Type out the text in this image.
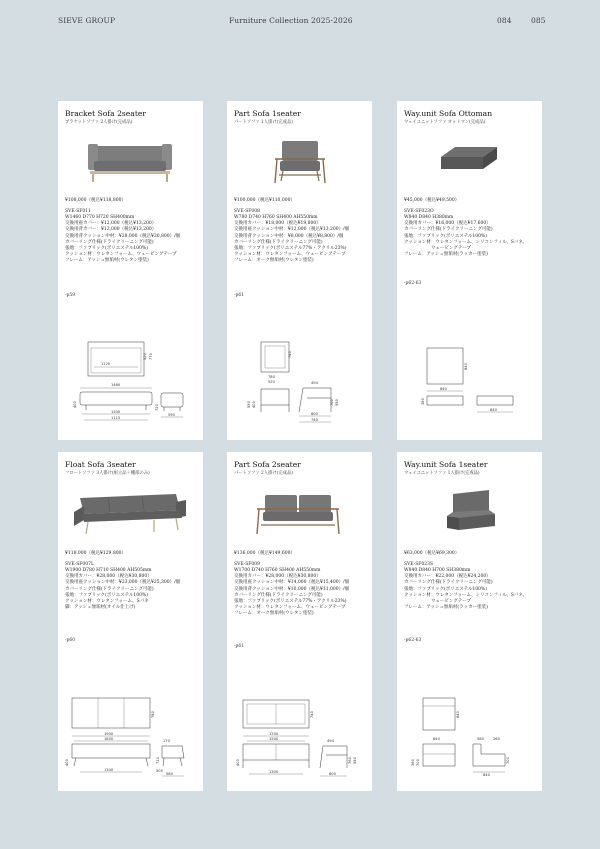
SIEVE GROUP	Furniture Collection 2025-2026	084	085
Bracket Sofa 2seater
ブラケットソファ 2人掛け(完成品)
¥108,000（税込¥118,800）
SVE-SF011
W1460 D770 H720 SH400mm
交換用座カバー：¥12,000（税込¥13,200）
交換用背カバー：¥12,000（税込¥13,200）
交換用背クッション中材：¥28,000（税込¥30,800）/個
カバーリング仕様(ドライクリーニング可能)
張地：ファブリック(ポリエステル100%)
クッション材：ウレタンフォーム、ウェービングテープ
フレーム：アッシュ無垢材(ウレタン塗装)
-p59
1120
520 770
1460
1300
1115
400
590
720
Part Sofa 1seater
パートソファ 1人掛け(完成品)
¥100,000（税込¥110,000）
SVE-SF008
W780 D740 H760 SH400 AH550mm
交換用カバー：¥18,000（税込¥19,800）
交換用座クッション中材：¥12,000（税込¥13,200）/個
交換用背クッション中材：¥8,000（税込¥8,800）/個
カバーリング仕様(ドライクリーニング可能)
張地：ファブリック(ポリエステル77%・アクリル23%)
クッション材：ウレタンフォーム、ウェービングテープ
フレーム：オーク無垢材(ウレタン塗装)
-p61
740
780
520	494
400
550	760 550
600
740
Way.unit Sofa Ottoman
ウェイユニットソファ オットマン(完成品)
¥45,000（税込¥49,500）
SVE-SF023O
W840 D840 H380mm
交換用カバー：¥16,000（税込¥17,600）
カバーリング仕様(ドライクリーニング可能)
張地：ファブリック(ポリエステル100%)
クッション材：ウレタンフォーム、シリコンフィル、Sバネ、
　　　　　　ウェービングテープ
フレーム：アッシュ無垢材(ラッカー塗装)
-p62-63
840
840
380
840
Float Sofa 3seater
フロートソファ 3人掛け(組立品＋棚部のみ)
¥118,000（税込¥129,800）
SVE-SF007L
W1900 D780 H710 SH400 AH505mm
交換用カバー：¥28,000（税込¥30,800）
交換用座クッション中材：¥23,000（税込¥25,300）/個
カバーリング仕様(ドライクリーニング可能)
張地：ファブリック(ポリエステル100%)
クッション材：ウレタンフォーム、Sバネ
脚：アッシュ無垢材(オイル仕上げ)
-p60
780
1900
1800
400
1300
170
710
505
580
Part Sofa 2seater
パートソファ 2人掛け(完成品)
¥136,000（税込¥149,600）
SVE-SF009
W1700 D740 H760 SH400 AH550mm
交換用カバー：¥28,000（税込¥30,800）
交換用座クッション中材：¥14,000（税込¥15,400）/個
交換用背クッション中材：¥10,000（税込¥11,000）/個
カバーリング仕様(ドライクリーニング可能)
張地：ファブリック(ポリエステル77%・アクリル23%)
クッション材：ウレタンフォーム、ウェービングテープ
フレーム：オーク無垢材(ウレタン塗装)
-p61
740
1700
1500
400
1300
494
760 550
600
Way.unit Sofa 1seater
ウェイユニットソファ 1人掛け(完成品)
¥63,000（税込¥69,300）
SVE-SF023S
W840 D840 H700 SH380mm
交換用カバー：¥22,000（税込¥24,200）
カバーリング仕様(ドライクリーニング可能)
張地：ファブリック(ポリエステル100%)
クッション材：ウレタンフォーム、シリコンフィル、Sバネ、
　　　　　　ウェービングテープ
フレーム：アッシュ無垢材(ラッカー塗装)
-p62-63
840
840
700
380
580	260
700
840
